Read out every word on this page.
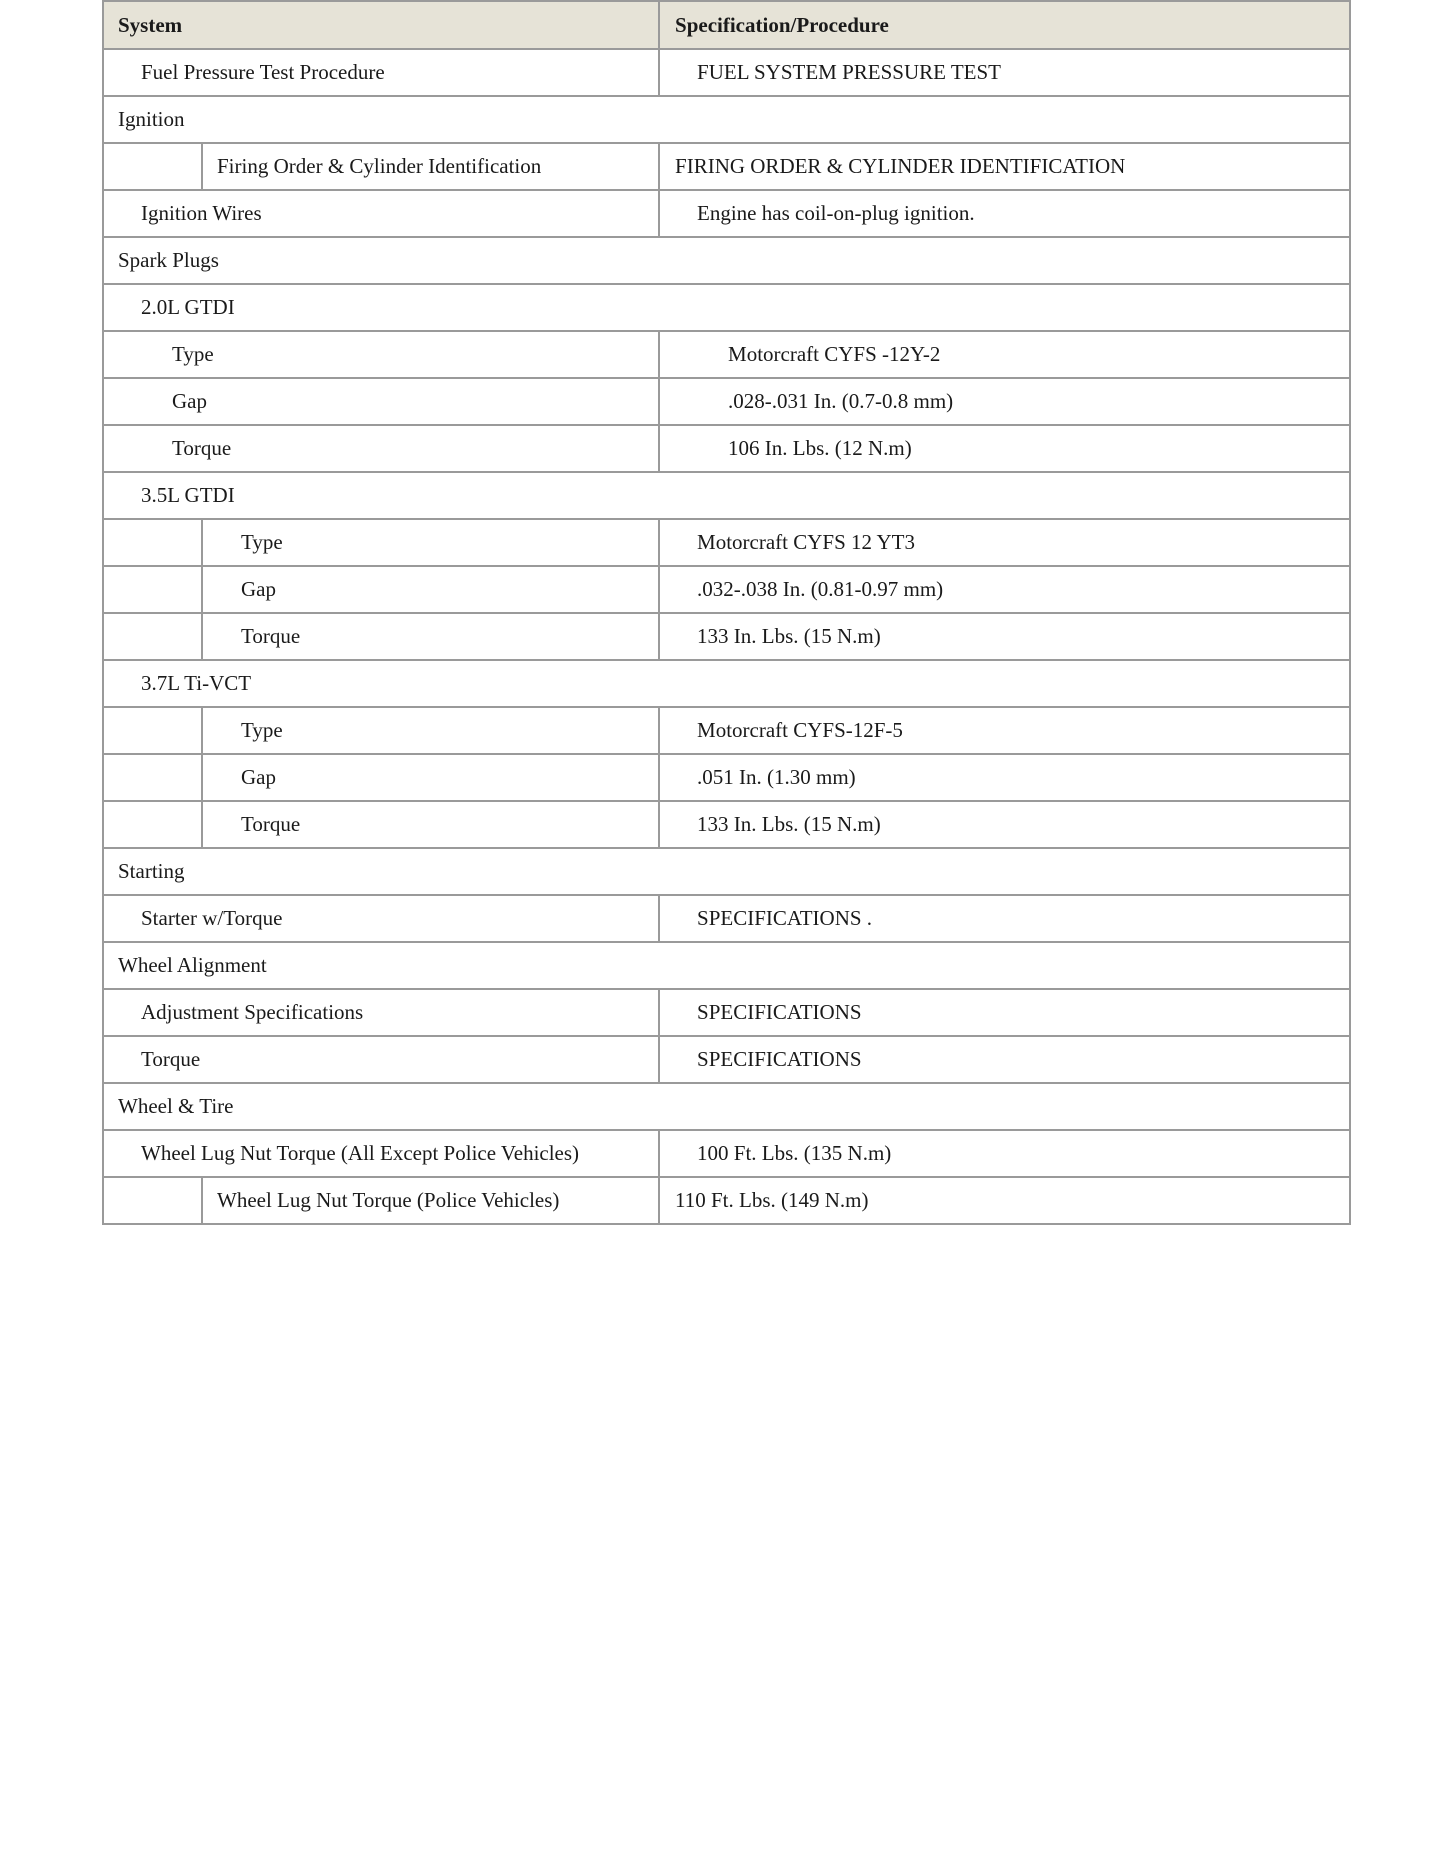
System		Specification/Procedure
Fuel Pressure Test Procedure		FUEL SYSTEM PRESSURE TEST
Ignition		
	Firing Order & Cylinder Identification	FIRING ORDER & CYLINDER IDENTIFICATION
Ignition Wires		Engine has coil-on-plug ignition.
Spark Plugs		
2.0L GTDI		
Type		Motorcraft CYFS -12Y-2
Gap		.028-.031 In. (0.7-0.8 mm)
Torque		106 In. Lbs. (12 N.m)
3.5L GTDI		
	Type	Motorcraft CYFS 12 YT3
	Gap	.032-.038 In. (0.81-0.97 mm)
	Torque	133 In. Lbs. (15 N.m)
3.7L Ti-VCT		
	Type	Motorcraft CYFS-12F-5
	Gap	.051 In. (1.30 mm)
	Torque	133 In. Lbs. (15 N.m)
Starting		
Starter w/Torque		SPECIFICATIONS .
Wheel Alignment		
Adjustment Specifications		SPECIFICATIONS
Torque		SPECIFICATIONS
Wheel & Tire		
Wheel Lug Nut Torque (All Except Police Vehicles)		100 Ft. Lbs. (135 N.m)
	Wheel Lug Nut Torque (Police Vehicles)	110 Ft. Lbs. (149 N.m)
